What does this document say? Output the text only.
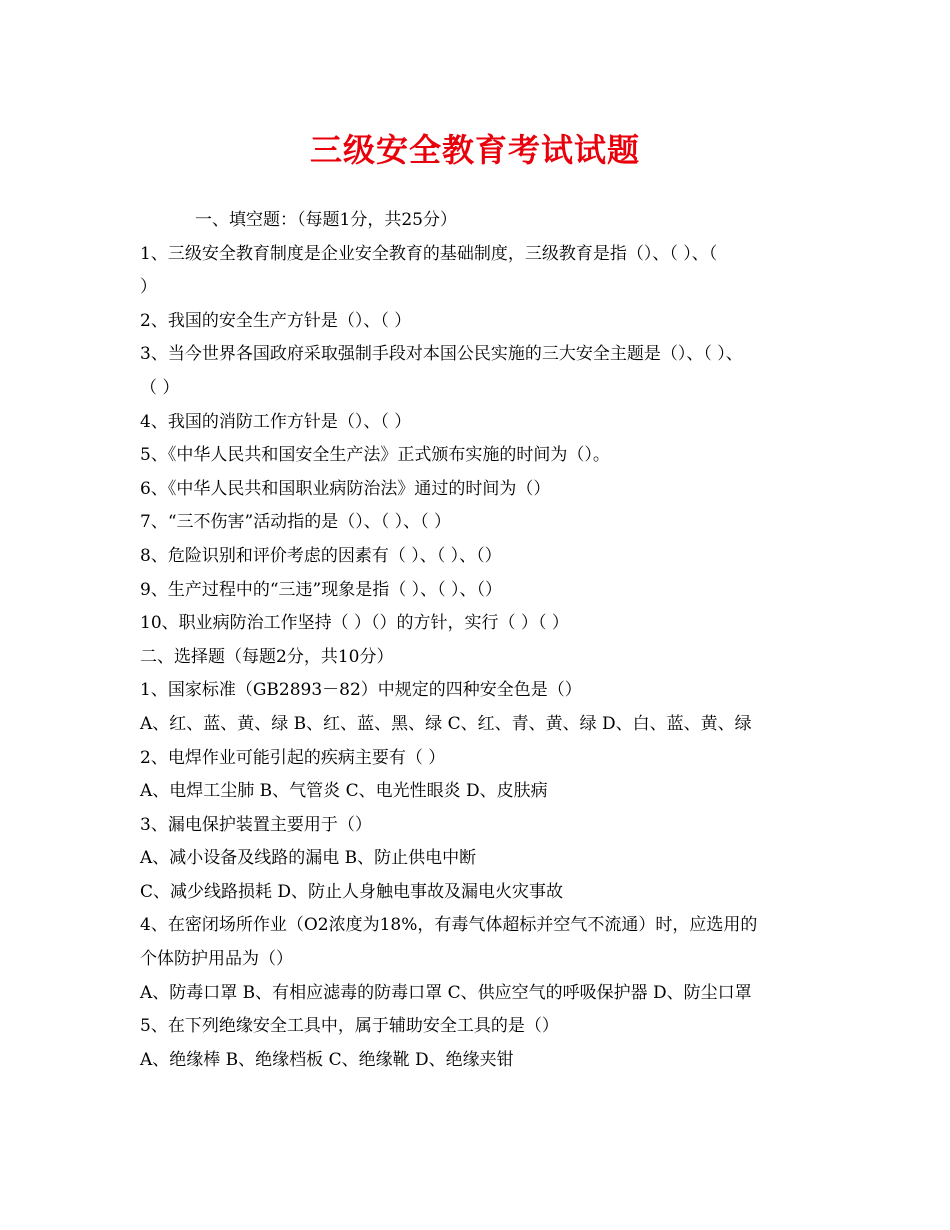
三级安全教育考试试题
一、填空题：（每题1分，共25分）
1、三级安全教育制度是企业安全教育的基础制度，三级教育是指（）、（ ）、（
）
2、我国的安全生产方针是（）、（ ）
3、当今世界各国政府采取强制手段对本国公民实施的三大安全主题是（）、（ ）、
（ ）
4、我国的消防工作方针是（）、（ ）
5、《中华人民共和国安全生产法》正式颁布实施的时间为（）。
6、《中华人民共和国职业病防治法》通过的时间为（）
7、“三不伤害”活动指的是（）、（ ）、（ ）
8、危险识别和评价考虑的因素有（ ）、（ ）、（）
9、生产过程中的“三违”现象是指（ ）、（ ）、（）
10、职业病防治工作坚持（ ）（）的方针，实行（ ）（ ）
二、选择题（每题2分，共10分）
1、国家标准（GB2893－82）中规定的四种安全色是（）
A、红、蓝、黄、绿 B、红、蓝、黑、绿 C、红、青、黄、绿 D、白、蓝、黄、绿
2、电焊作业可能引起的疾病主要有（ ）
A、电焊工尘肺 B、气管炎 C、电光性眼炎 D、皮肤病
3、漏电保护装置主要用于（）
A、减小设备及线路的漏电 B、防止供电中断
C、减少线路损耗 D、防止人身触电事故及漏电火灾事故
4、在密闭场所作业（O2浓度为18%，有毒气体超标并空气不流通）时，应选用的
个体防护用品为（）
A、防毒口罩 B、有相应滤毒的防毒口罩 C、供应空气的呼吸保护器 D、防尘口罩
5、在下列绝缘安全工具中，属于辅助安全工具的是（）
A、绝缘棒 B、绝缘档板 C、绝缘靴 D、绝缘夹钳
